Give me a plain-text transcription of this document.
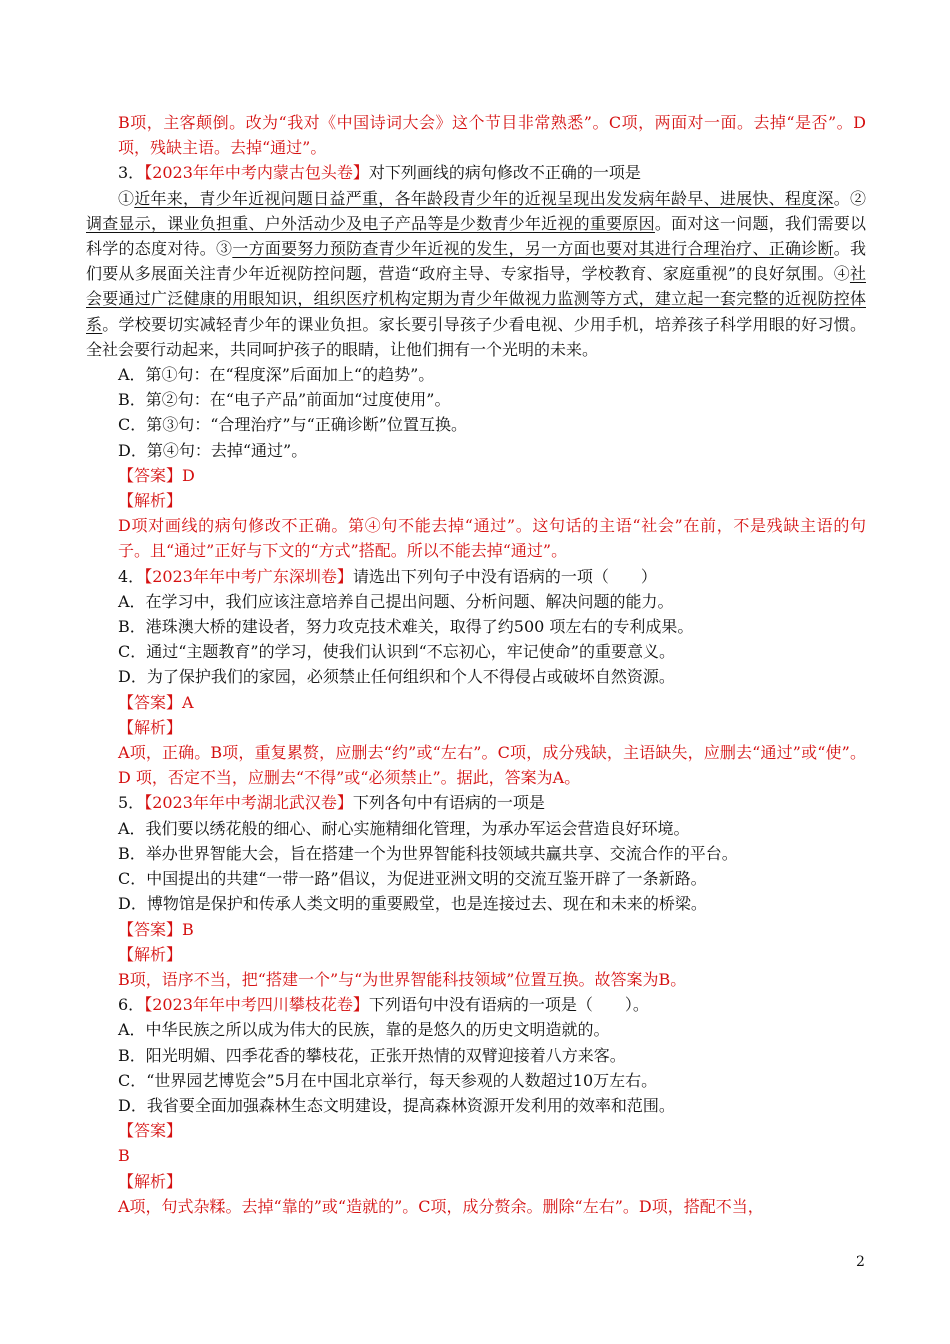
B项，主客颠倒。改为“我对《中国诗词大会》这个节目非常熟悉”。C项，两面对一面。去掉“是否”。D项，残缺主语。去掉“通过”。

3．【2023年年中考内蒙古包头卷】对下列画线的病句修改不正确的一项是

①近年来，青少年近视问题日益严重，各年龄段青少年的近视呈现出发发病年龄早、进展快、程度深。②调查显示，课业负担重、户外活动少及电子产品等是少数青少年近视的重要原因。面对这一问题，我们需要以科学的态度对待。③一方面要努力预防查青少年近视的发生，另一方面也要对其进行合理治疗、正确诊断。我们要从多展面关注青少年近视防控问题，营造“政府主导、专家指导，学校教育、家庭重视”的良好氛围。④社会要通过广泛健康的用眼知识，组织医疗机构定期为青少年做视力监测等方式，建立起一套完整的近视防控体系。学校要切实减轻青少年的课业负担。家长要引导孩子少看电视、少用手机，培养孩子科学用眼的好习惯。全社会要行动起来，共同呵护孩子的眼睛，让他们拥有一个光明的未来。

A．第①句：在“程度深”后面加上“的趋势”。

B．第②句：在“电子产品”前面加“过度使用”。

C．第③句：“合理治疗”与“正确诊断”位置互换。

D．第④句：去掉“通过”。

【答案】D

【解析】

D项对画线的病句修改不正确。第④句不能去掉“通过”。这句话的主语“社会”在前，不是残缺主语的句子。且“通过”正好与下文的“方式”搭配。所以不能去掉“通过”。

4．【2023年年中考广东深圳卷】请选出下列句子中没有语病的一项（　　）

A．在学习中，我们应该注意培养自己提出问题、分析问题、解决问题的能力。

B．港珠澳大桥的建设者，努力攻克技术难关，取得了约500 项左右的专利成果。

C．通过“主题教育”的学习，使我们认识到“不忘初心，牢记使命”的重要意义。

D．为了保护我们的家园，必须禁止任何组织和个人不得侵占或破坏自然资源。

【答案】A

【解析】

A项，正确。B项，重复累赘，应删去“约”或“左右”。C项，成分残缺，主语缺失，应删去“通过”或“使”。D 项，否定不当，应删去“不得”或“必须禁止”。据此，答案为A。

5．【2023年年中考湖北武汉卷】下列各句中有语病的一项是

A．我们要以绣花般的细心、耐心实施精细化管理，为承办军运会营造良好环境。

B．举办世界智能大会，旨在搭建一个为世界智能科技领域共赢共享、交流合作的平台。

C．中国提出的共建“一带一路”倡议，为促进亚洲文明的交流互鉴开辟了一条新路。

D．博物馆是保护和传承人类文明的重要殿堂，也是连接过去、现在和未来的桥梁。

【答案】B

【解析】

B项，语序不当，把“搭建一个”与“为世界智能科技领域”位置互换。故答案为B。

6．【2023年年中考四川攀枝花卷】下列语句中没有语病的一项是（　　）。

A．中华民族之所以成为伟大的民族，靠的是悠久的历史文明造就的。

B．阳光明媚、四季花香的攀枝花，正张开热情的双臂迎接着八方来客。

C．“世界园艺博览会”5月在中国北京举行，每天参观的人数超过10万左右。

D．我省要全面加强森林生态文明建设，提高森林资源开发利用的效率和范围。

【答案】

B

【解析】

A项，句式杂糅。去掉“靠的”或“造就的”。C项，成分赘余。删除“左右”。D项，搭配不当，

2
